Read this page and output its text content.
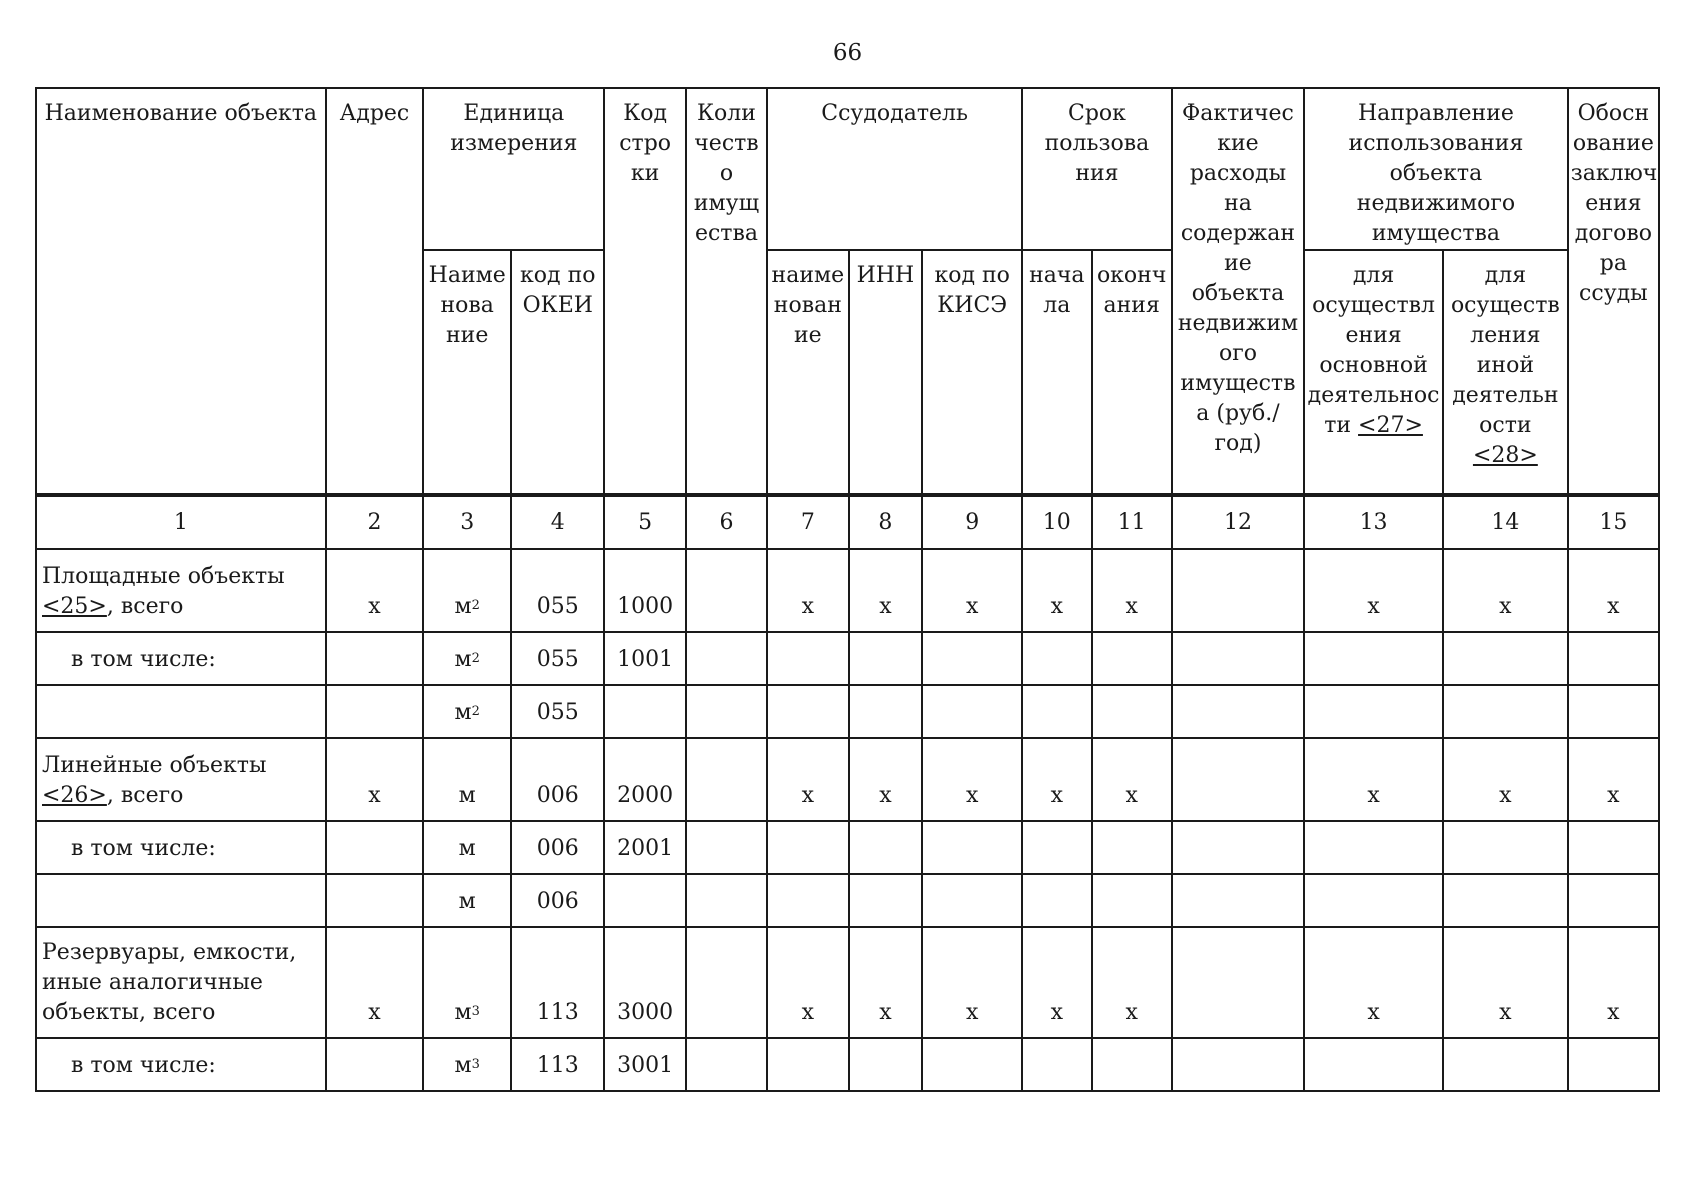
66
Наименование объекта	Адрес	Единица измерения		Код стро ки	Коли честв о имущ ества	Ссудодатель			Срок пользова ния		Фактичес кие расходы на содержан ие объекта недвижим ого имуществ а (руб./год)	Направление использования объекта недвижимого имущества		Обосн ование заключ ения догово ра ссуды
		Наиме нова ние	код по ОКЕИ			наиме нован ие	ИНН	код по КИСЭ	нача ла	оконч ания		для осуществл ения основной деятельнос ти <27>	для осуществ ления иной деятельн ости <28>	
1	2	3	4	5	6	7	8	9	10	11	12	13	14	15
Площадные объекты
<25>, всего	х	$м^2$	055	1000		х	х	х	х	х		х	х	х
в том числе:		$м^2$	055	1001										
		$м^2$	055											
Линейные объекты
<26>, всего	х	м	006	2000		х	х	х	х	х		х	х	х
в том числе:		м	006	2001										
		м	006											
Резервуары, емкости, иные аналогичные объекты, всего	х	$м^3$	113	3000		х	х	х	х	х		х	х	х
в том числе:		$м^3$	113	3001										
